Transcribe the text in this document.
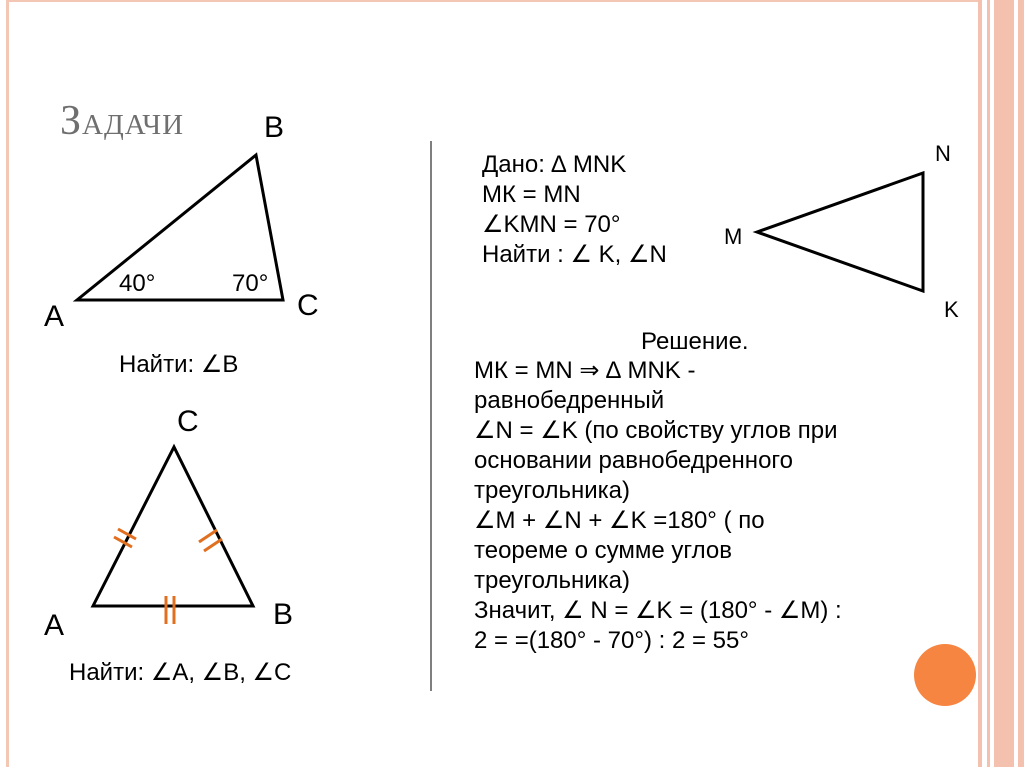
Задачи	B
A	C
40°	70°
Найти: ∠B
C
A	B
Найти: ∠A, ∠B, ∠C
Дано: ∆ MNK
МК = MN
∠KMN = 70°
Найти : ∠ K, ∠N
N
M
K
Решение.
МК = MN ⇒ ∆ MNK -
равнобедренный
∠N = ∠K (по свойству углов при
основании равнобедренного
треугольника)
∠M + ∠N + ∠K =180° ( по
теореме о сумме углов
треугольника)
Значит, ∠ N = ∠K = (180° - ∠M) :
2 = =(180° - 70°) : 2 = 55°
